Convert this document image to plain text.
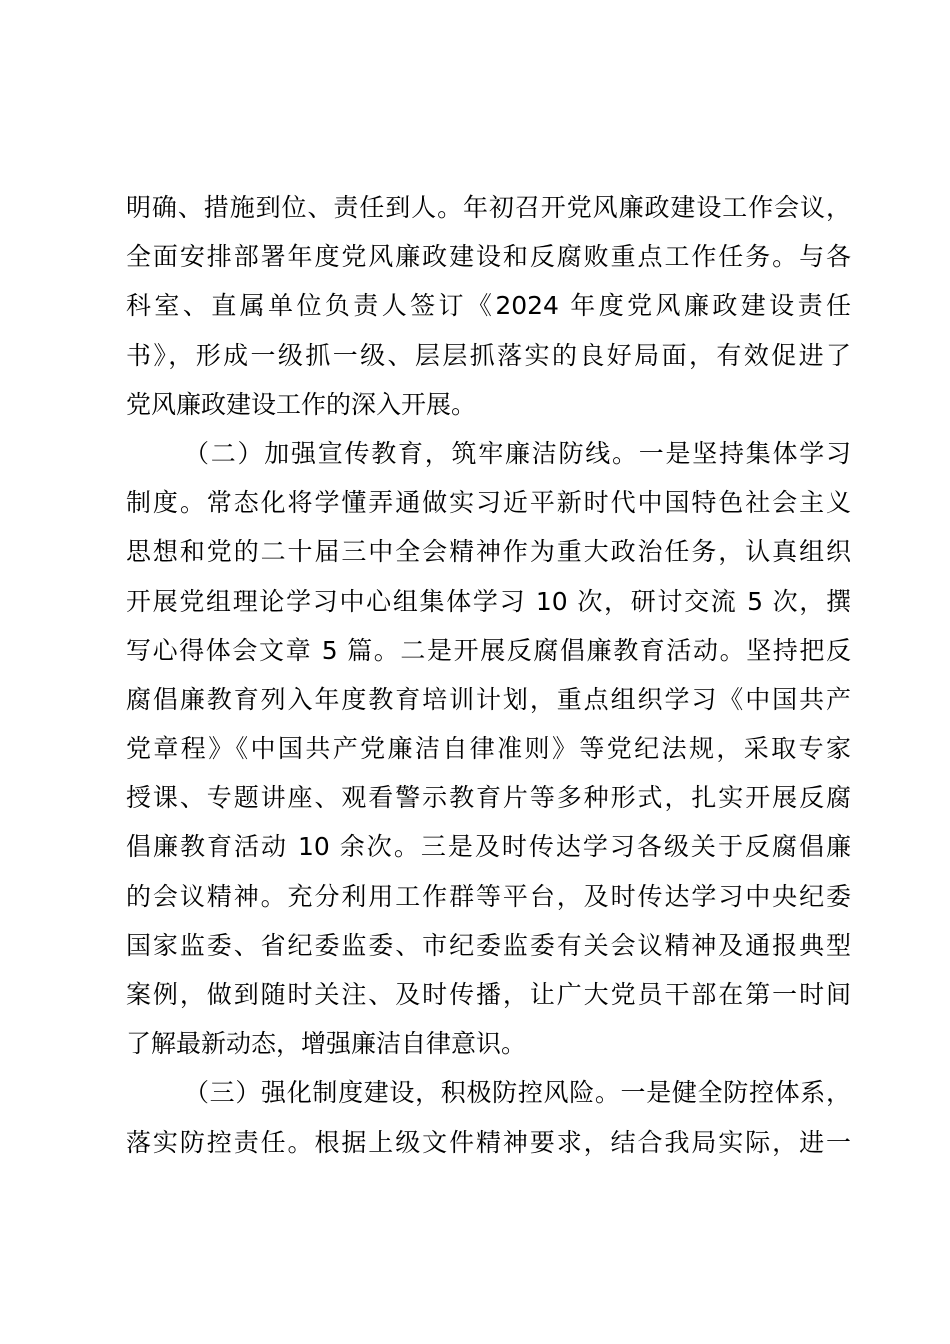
明确、措施到位、责任到人。年初召开党风廉政建设工作会议，
全面安排部署年度党风廉政建设和反腐败重点工作任务。与各
科室、直属单位负责人签订《2024 年度党风廉政建设责任
书》，形成一级抓一级、层层抓落实的良好局面，有效促进了
党风廉政建设工作的深入开展。
（二）加强宣传教育，筑牢廉洁防线。一是坚持集体学习
制度。常态化将学懂弄通做实习近平新时代中国特色社会主义
思想和党的二十届三中全会精神作为重大政治任务，认真组织
开展党组理论学习中心组集体学习 10 次，研讨交流 5 次，撰
写心得体会文章 5 篇。二是开展反腐倡廉教育活动。坚持把反
腐倡廉教育列入年度教育培训计划，重点组织学习《中国共产
党章程》《中国共产党廉洁自律准则》等党纪法规，采取专家
授课、专题讲座、观看警示教育片等多种形式，扎实开展反腐
倡廉教育活动 10 余次。三是及时传达学习各级关于反腐倡廉
的会议精神。充分利用工作群等平台，及时传达学习中央纪委
国家监委、省纪委监委、市纪委监委有关会议精神及通报典型
案例，做到随时关注、及时传播，让广大党员干部在第一时间
了解最新动态，增强廉洁自律意识。
（三）强化制度建设，积极防控风险。一是健全防控体系，
落实防控责任。根据上级文件精神要求，结合我局实际，进一
